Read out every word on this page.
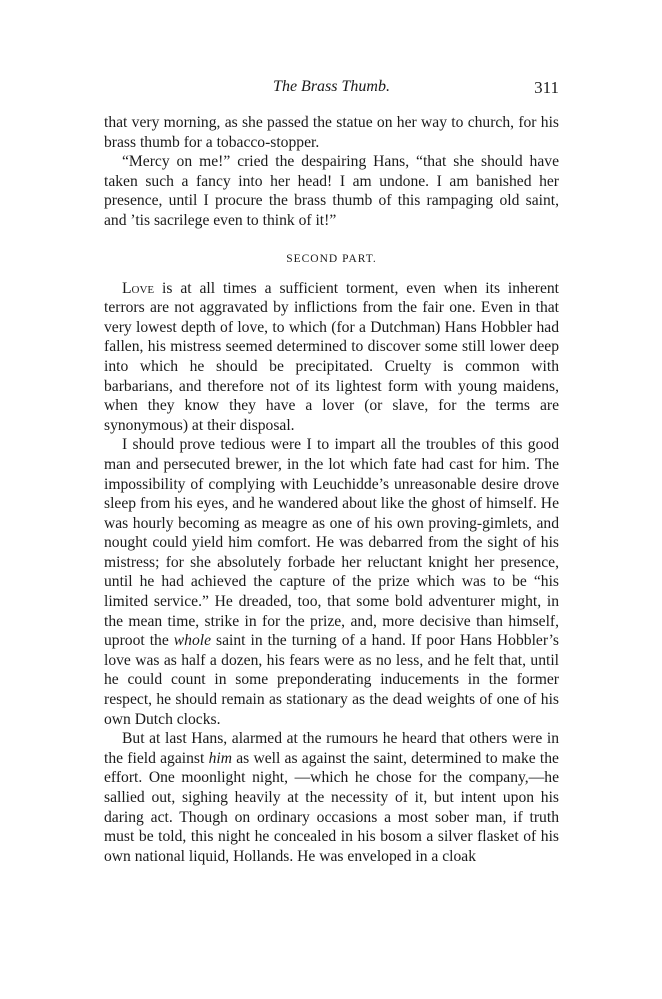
The Brass Thumb.	311

that very morning, as she passed the statue on her way to church, for his brass thumb for a tobacco-stopper.

“Mercy on me!” cried the despairing Hans, “that she should have taken such a fancy into her head! I am undone. I am banished her presence, until I procure the brass thumb of this rampaging old saint, and ’tis sacrilege even to think of it!”

SECOND PART.

Love is at all times a sufficient torment, even when its inherent terrors are not aggravated by inflictions from the fair one. Even in that very lowest depth of love, to which (for a Dutchman) Hans Hobbler had fallen, his mistress seemed determined to discover some still lower deep into which he should be precipitated. Cruelty is common with barbarians, and therefore not of its lightest form with young maidens, when they know they have a lover (or slave, for the terms are synonymous) at their disposal.

I should prove tedious were I to impart all the troubles of this good man and persecuted brewer, in the lot which fate had cast for him. The impossibility of complying with Leuchidde’s unreasonable desire drove sleep from his eyes, and he wandered about like the ghost of himself. He was hourly becoming as meagre as one of his own proving-gimlets, and nought could yield him comfort. He was debarred from the sight of his mistress; for she absolutely forbade her reluctant knight her presence, until he had achieved the capture of the prize which was to be “his limited service.” He dreaded, too, that some bold adventurer might, in the mean time, strike in for the prize, and, more decisive than himself, uproot the whole saint in the turning of a hand. If poor Hans Hobbler’s love was as half a dozen, his fears were as no less, and he felt that, until he could count in some preponderating inducements in the former respect, he should remain as stationary as the dead weights of one of his own Dutch clocks.

But at last Hans, alarmed at the rumours he heard that others were in the field against him as well as against the saint, determined to make the effort. One moonlight night, —which he chose for the company,—he sallied out, sighing heavily at the necessity of it, but intent upon his daring act. Though on ordinary occasions a most sober man, if truth must be told, this night he concealed in his bosom a silver flasket of his own national liquid, Hollands. He was enveloped in a cloak
